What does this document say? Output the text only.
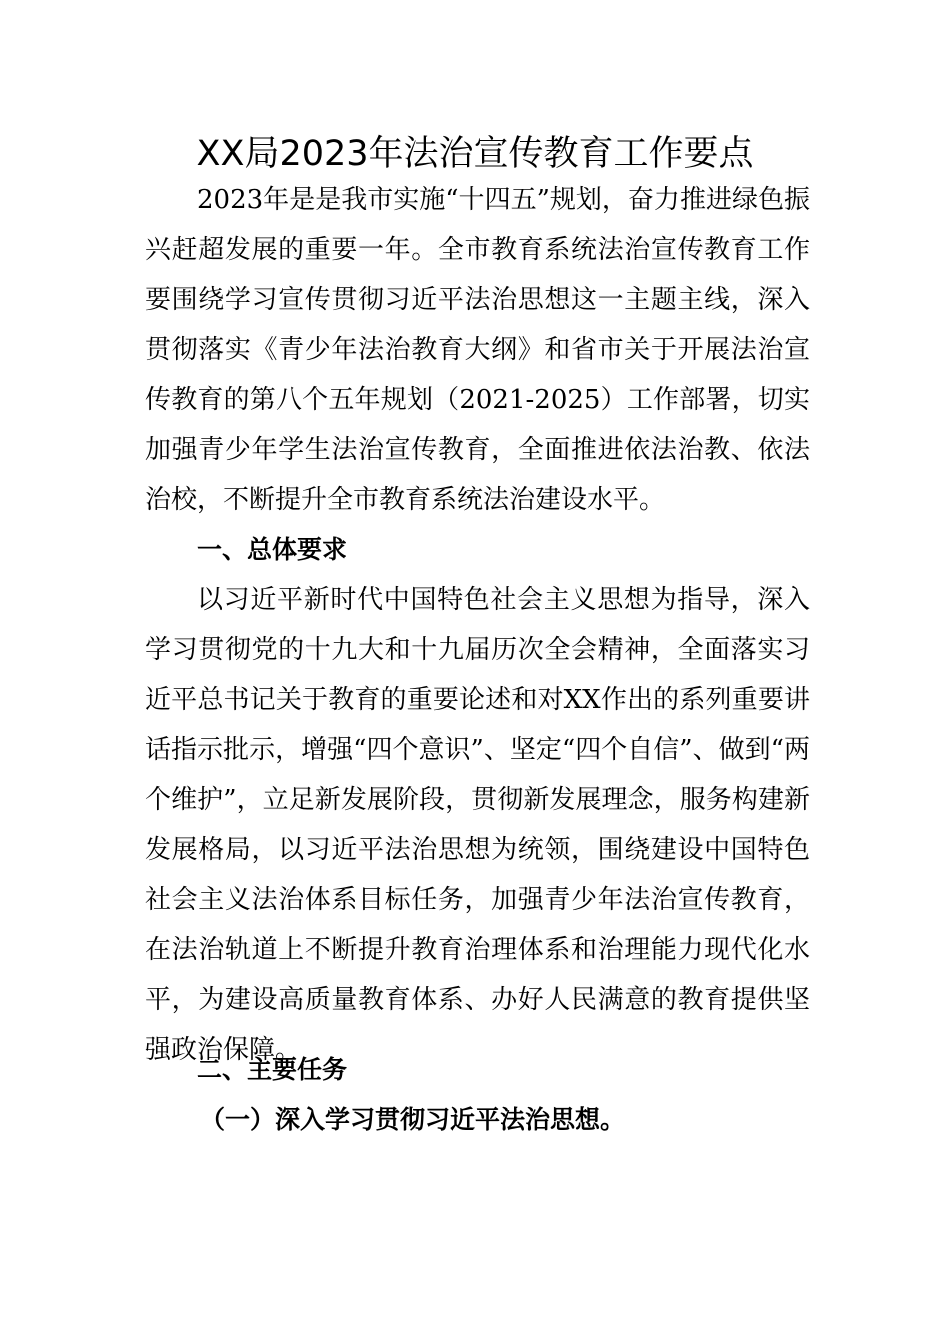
XX局2023年法治宣传教育工作要点

2023年是是我市实施“十四五”规划，奋力推进绿色振兴赶超发展的重要一年。全市教育系统法治宣传教育工作要围绕学习宣传贯彻习近平法治思想这一主题主线，深入贯彻落实《青少年法治教育大纲》和省市关于开展法治宣传教育的第八个五年规划（2021-2025）工作部署，切实加强青少年学生法治宣传教育，全面推进依法治教、依法治校，不断提升全市教育系统法治建设水平。

一、总体要求

以习近平新时代中国特色社会主义思想为指导，深入学习贯彻党的十九大和十九届历次全会精神，全面落实习近平总书记关于教育的重要论述和对XX作出的系列重要讲话指示批示，增强“四个意识”、坚定“四个自信”、做到“两个维护”，立足新发展阶段，贯彻新发展理念，服务构建新发展格局，以习近平法治思想为统领，围绕建设中国特色社会主义法治体系目标任务，加强青少年法治宣传教育，在法治轨道上不断提升教育治理体系和治理能力现代化水平，为建设高质量教育体系、办好人民满意的教育提供坚强政治保障。

二、主要任务
（一）深入学习贯彻习近平法治思想。
